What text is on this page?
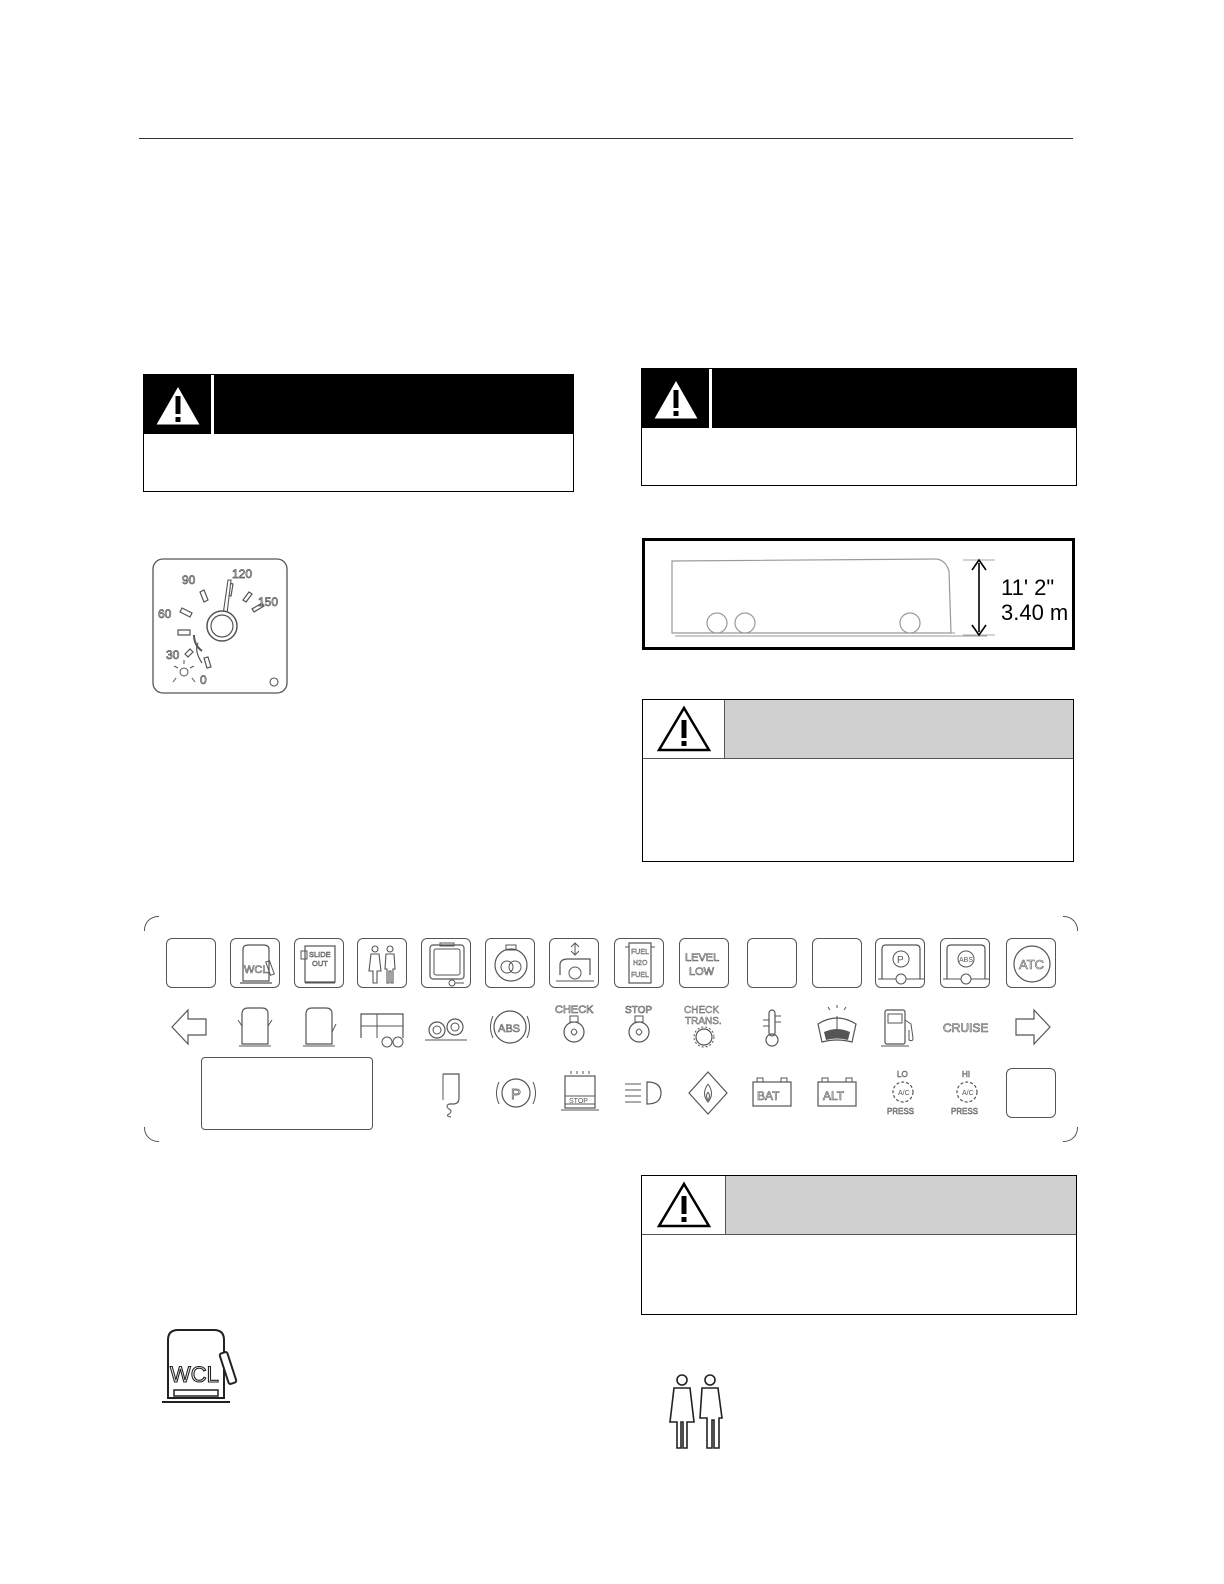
0
30
60
90	120
150
11' 2"
3.40 m
WCL
SLIDE
OUT
FUEL
H2O
FUEL
LEVEL
LOW
P	ABS	ATC
ABS
CHECK	STOP	CHECK
TRANS.	CRUISE
P	STOP	BAT	ALT
LO
A/C
PRESS
HI
A/C
PRESS
WCL
